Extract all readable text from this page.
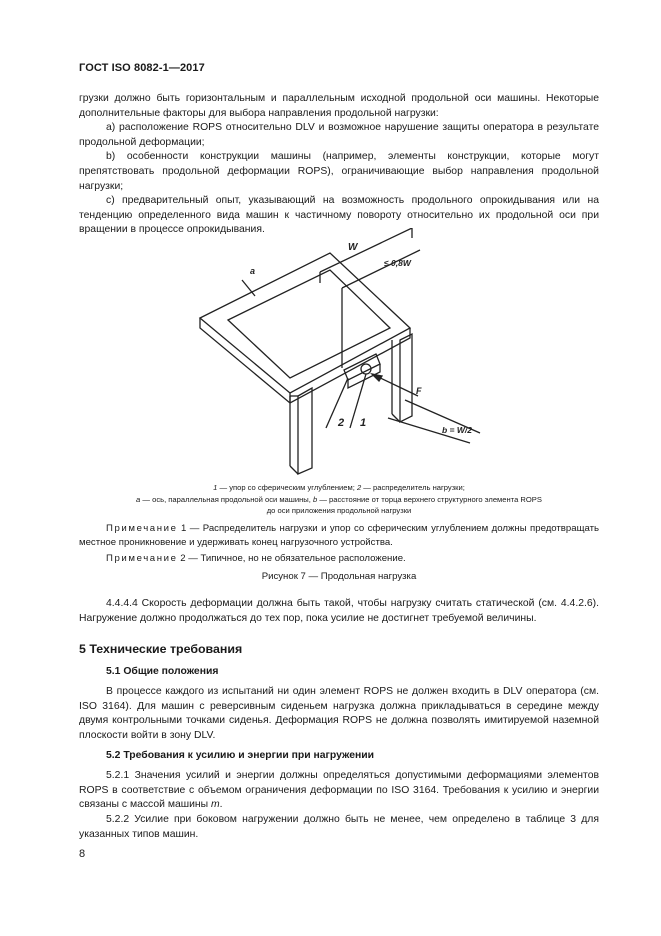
ГОСТ ISO 8082-1—2017

грузки должно быть горизонтальным и параллельным исходной продольной оси машины. Некоторые дополнительные факторы для выбора направления продольной нагрузки:

а) расположение ROPS относительно DLV и возможное нарушение защиты оператора в результате продольной деформации;

b) особенности конструкции машины (например, элементы конструкции, которые могут препятствовать продольной деформации ROPS), ограничивающие выбор направления продольной нагрузки;

c) предварительный опыт, указывающий на возможность продольного опрокидывания или на тенденцию определенного вида машин к частичному повороту относительно их продольной оси при вращении в процессе опрокидывания.

W
≤ 0,8W
a
F
b = W/2
1
2
1 — упор со сферическим углублением; 2 — распределитель нагрузки;
a — ось, параллельная продольной оси машины, b — расстояние от торца верхнего структурного элемента ROPS
до оси приложения продольной нагрузки
Примечание 1 — Распределитель нагрузки и упор со сферическим углублением должны предотвращать местное проникновение и удерживать конец нагрузочного устройства.
Примечание 2 — Типичное, но не обязательное расположение.
Рисунок 7 — Продольная нагрузка
4.4.4.4 Скорость деформации должна быть такой, чтобы нагрузку считать статической (см. 4.4.2.6). Нагружение должно продолжаться до тех пор, пока усилие не достигнет требуемой величины.
5 Технические требования
5.1 Общие положения
В процессе каждого из испытаний ни один элемент ROPS не должен входить в DLV оператора (см. ISO 3164). Для машин с реверсивным сиденьем нагрузка должна прикладываться в середине между двумя контрольными точками сиденья. Деформация ROPS не должна позволять имитируемой наземной плоскости войти в зону DLV.
5.2 Требования к усилию и энергии при нагружении
5.2.1 Значения усилий и энергии должны определяться допустимыми деформациями элементов ROPS в соответствие с объемом ограничения деформации по ISO 3164. Требования к усилию и энергии связаны с массой машины m.
5.2.2 Усилие при боковом нагружении должно быть не менее, чем определено в таблице 3 для указанных типов машин.
8
